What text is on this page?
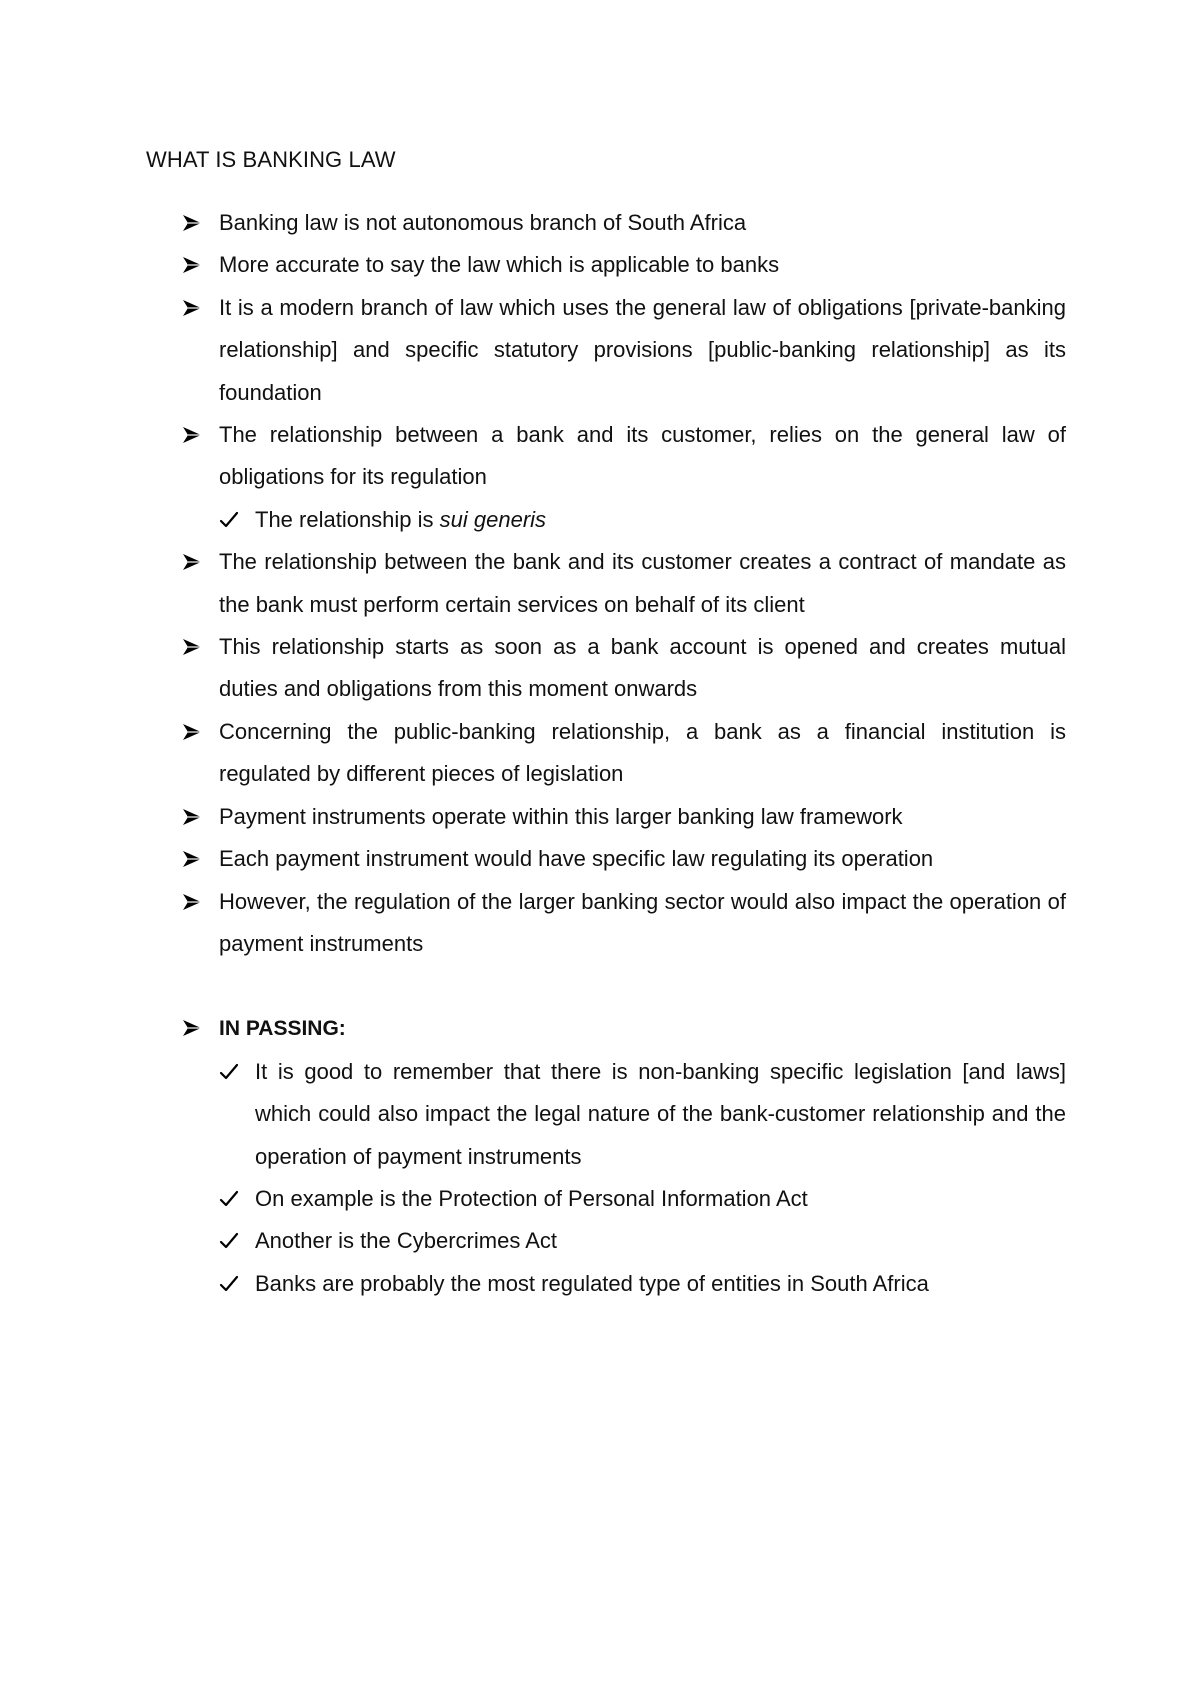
WHAT IS BANKING LAW
Banking law is not autonomous branch of South Africa
More accurate to say the law which is applicable to banks
It is a modern branch of law which uses the general law of obligations [private-banking relationship] and specific statutory provisions [public-banking relationship] as its foundation
The relationship between a bank and its customer, relies on the general law of obligations for its regulation
The relationship is sui generis
The relationship between the bank and its customer creates a contract of mandate as the bank must perform certain services on behalf of its client
This relationship starts as soon as a bank account is opened and creates mutual duties and obligations from this moment onwards
Concerning the public-banking relationship, a bank as a financial institution is regulated by different pieces of legislation
Payment instruments operate within this larger banking law framework
Each payment instrument would have specific law regulating its operation
However, the regulation of the larger banking sector would also impact the operation of payment instruments
IN PASSING:
It is good to remember that there is non-banking specific legislation [and laws] which could also impact the legal nature of the bank-customer relationship and the operation of payment instruments
On example is the Protection of Personal Information Act
Another is the Cybercrimes Act
Banks are probably the most regulated type of entities in South Africa
